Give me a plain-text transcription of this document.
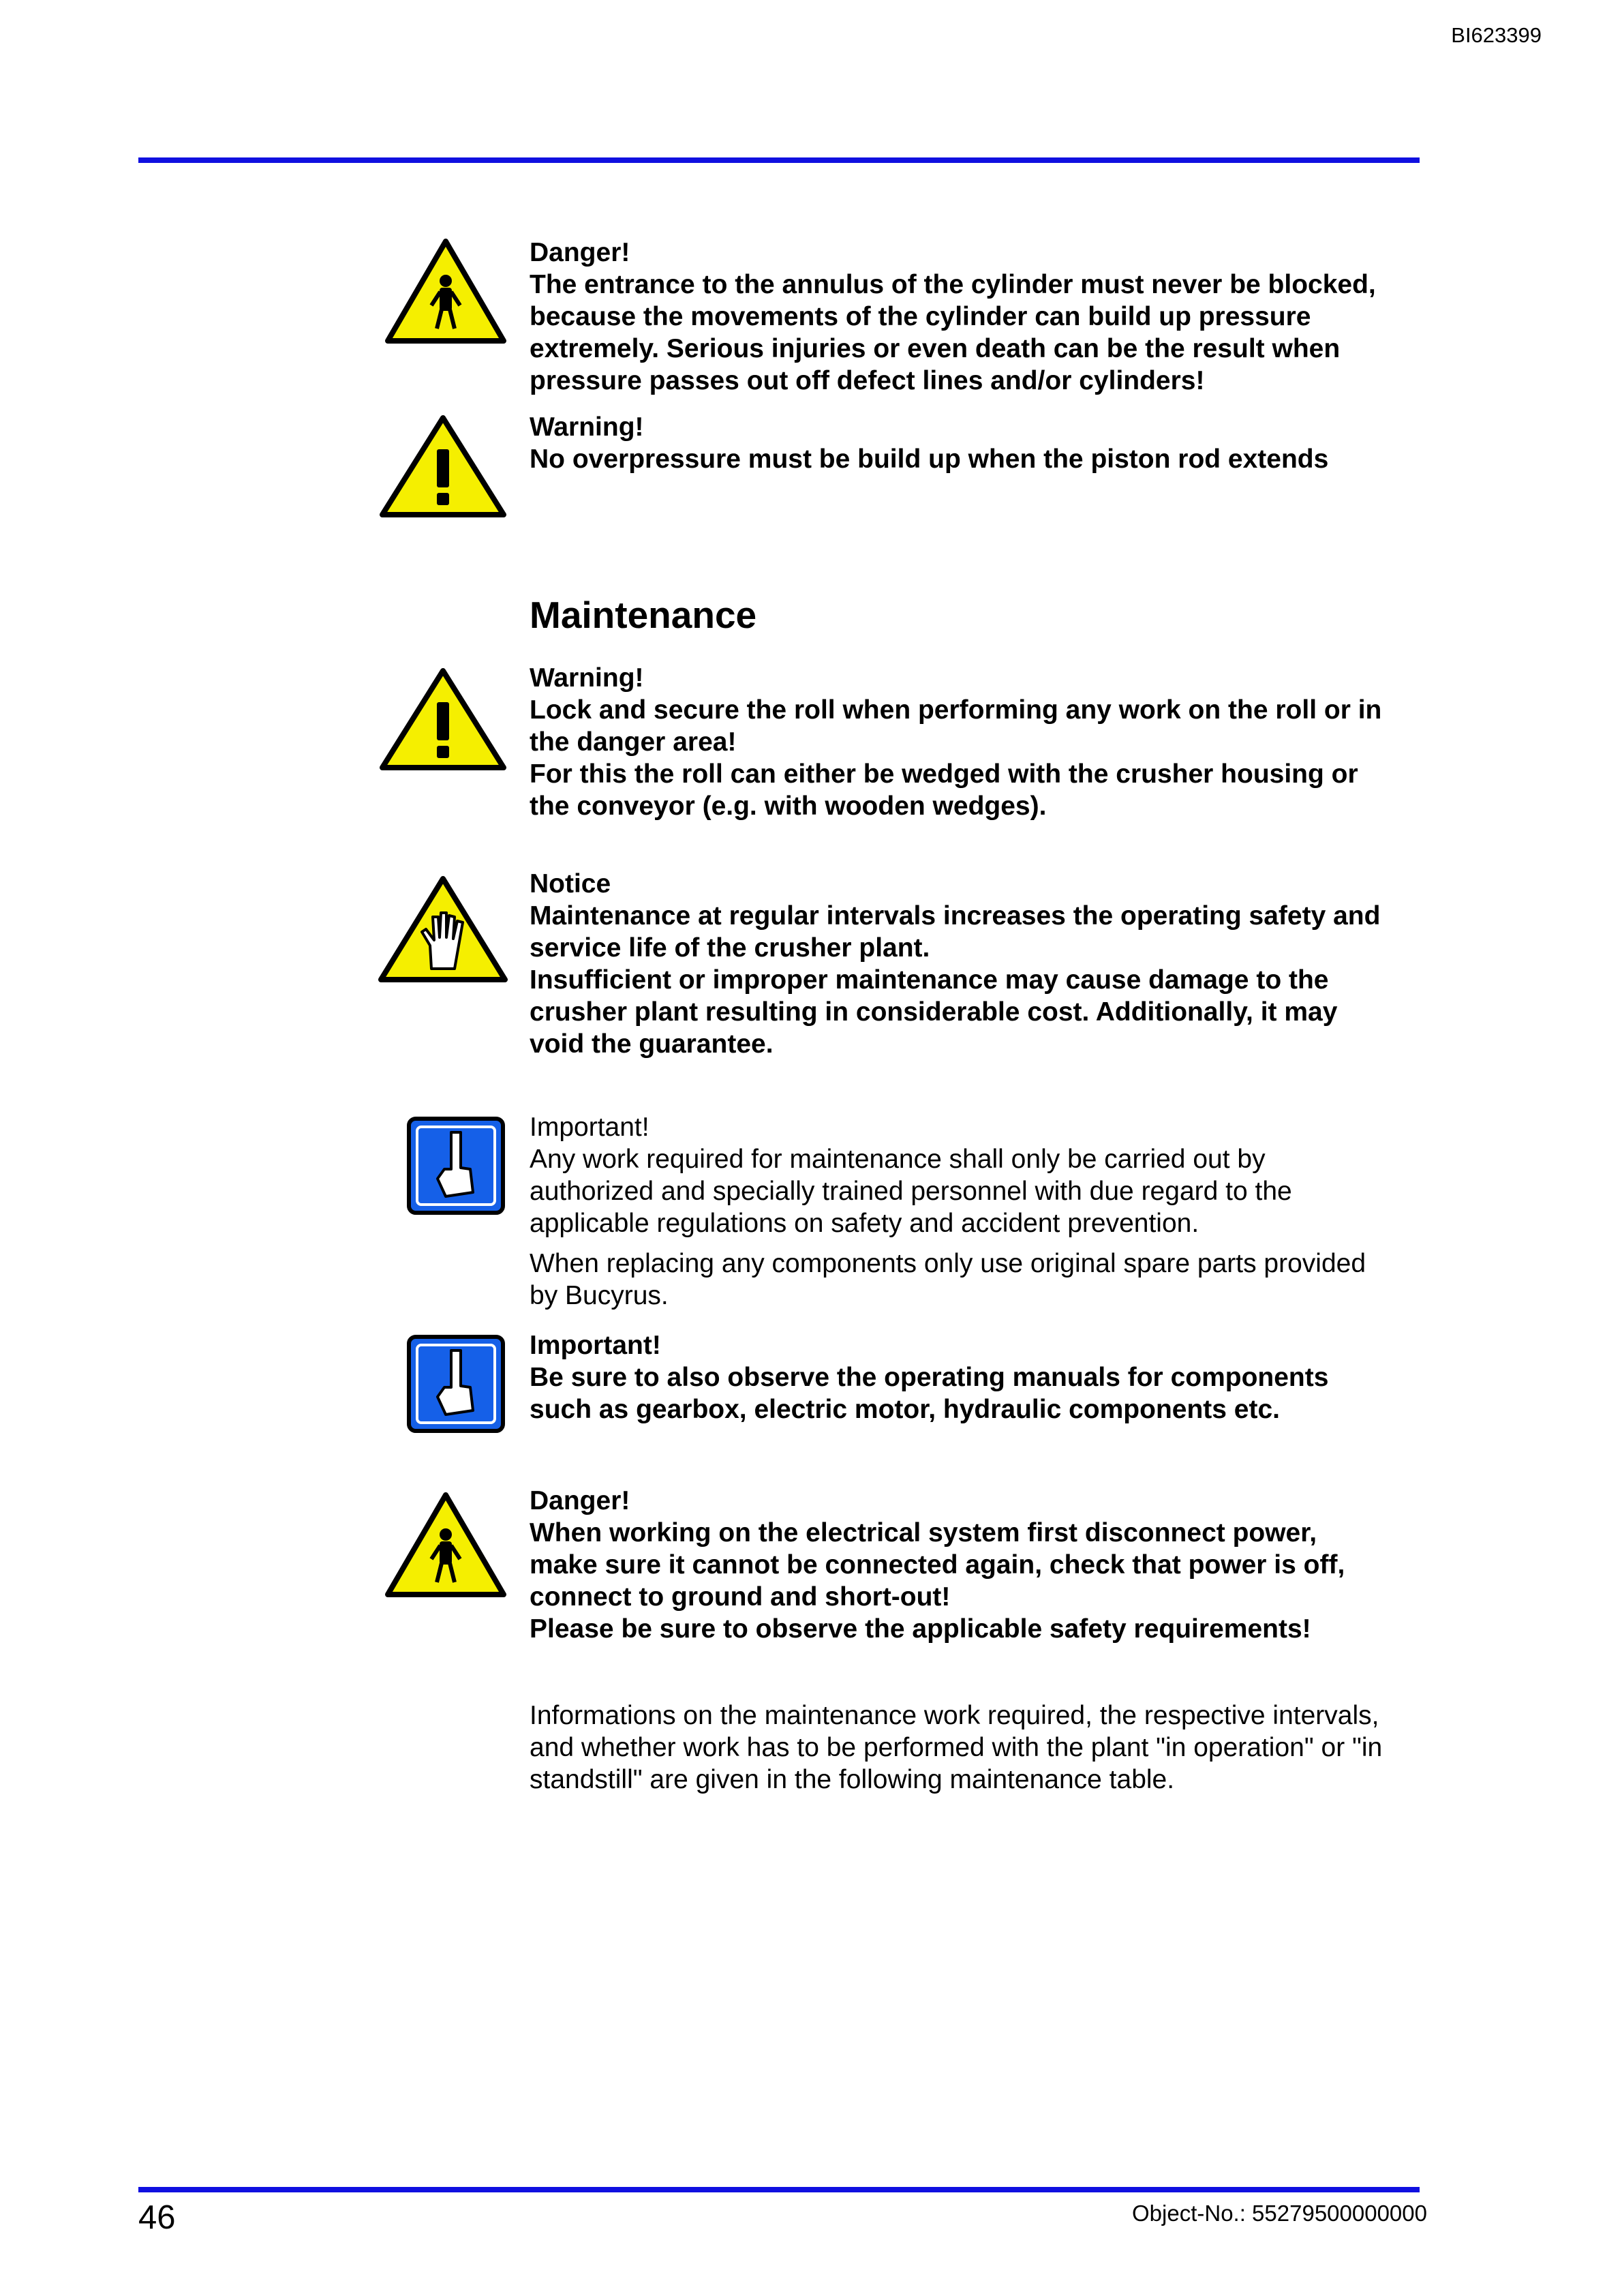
BI623399
46	Object-No.: 55279500000000

Danger!

The entrance to the annulus of the cylinder must never be blocked,

because the movements of the cylinder can build up pressure

extremely. Serious injuries or even death can be the result when

pressure passes out off defect lines and/or cylinders!

Warning!

No overpressure must be build up when the piston rod extends

Maintenance

Warning!

Lock and secure the roll when performing any work on the roll or in

the danger area!

For this the roll can either be wedged with the crusher housing or

the conveyor (e.g. with wooden wedges).

Notice

Maintenance at regular intervals increases the operating safety and

service life of the crusher plant.

Insufficient or improper maintenance may cause damage to the

crusher plant resulting in considerable cost. Additionally, it may

void the guarantee.

Important!

Any work required for maintenance shall only be carried out by

authorized and specially trained personnel with due regard to the

applicable regulations on safety and accident prevention.

When replacing any components only use original spare parts provided

by Bucyrus.

Important!

Be sure to also observe the operating manuals for components

such as gearbox, electric motor, hydraulic components etc.

Danger!

When working on the electrical system first disconnect power,

make sure it cannot be connected again, check that power is off,

connect to ground and short-out!

Please be sure to observe the applicable safety requirements!

Informations on the maintenance work required, the respective intervals,

and whether work has to be performed with the plant "in operation" or "in

standstill" are given in the following maintenance table.
